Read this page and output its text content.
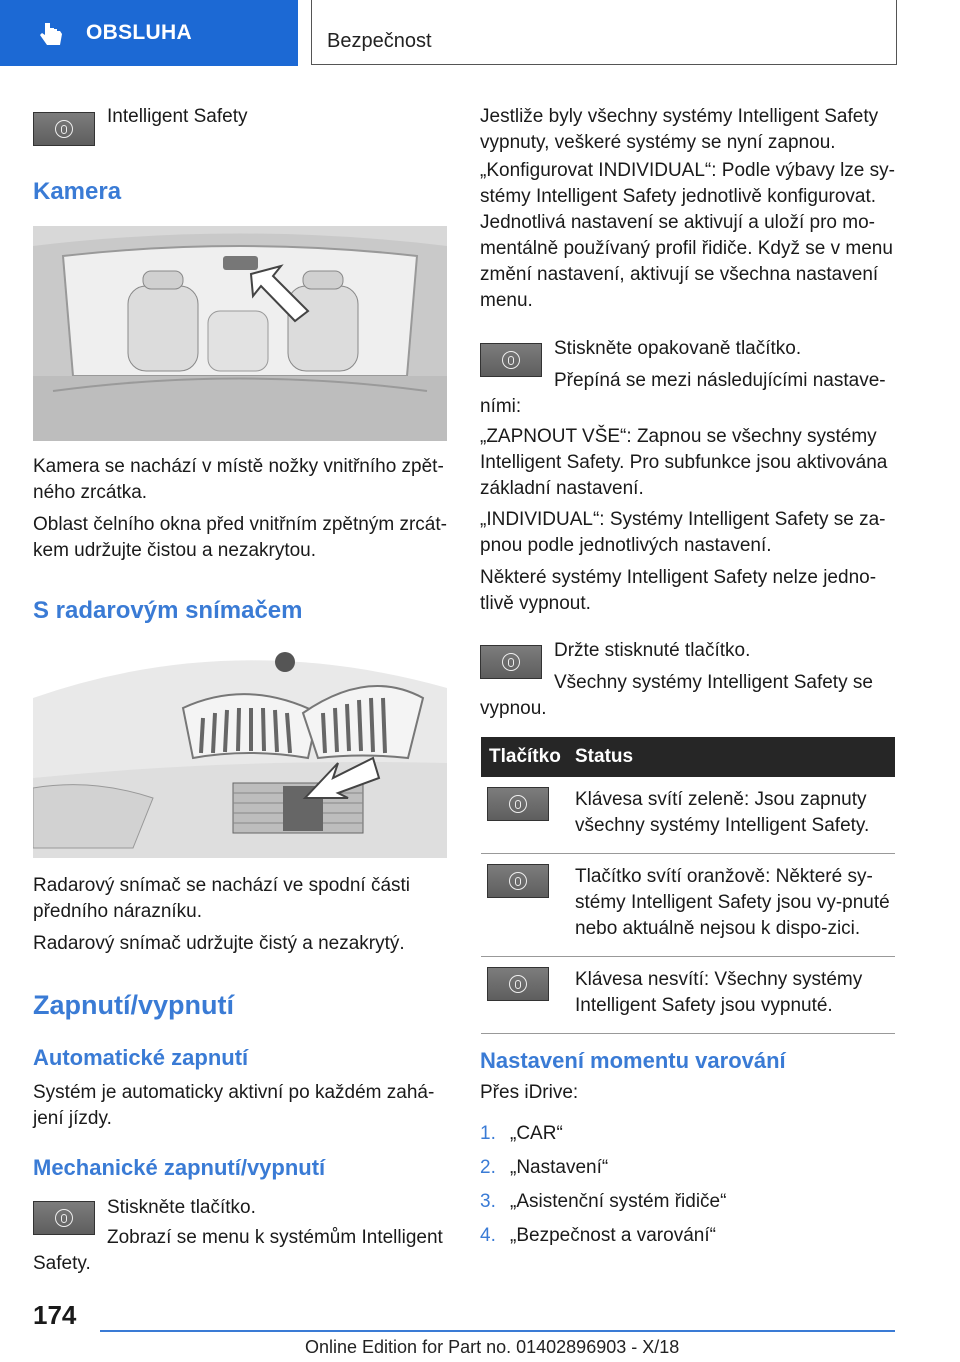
OBSLUHA	Bezpečnost
Intelligent Safety
Kamera
Kamera se nachází v místě nožky vnitřního zpět-ného zrcátka.
Oblast čelního okna před vnitřním zpětným zrcát-kem udržujte čistou a nezakrytou.
S radarovým snímačem
Radarový snímač se nachází ve spodní části předního nárazníku.
Radarový snímač udržujte čistý a nezakrytý.
Zapnutí/vypnutí
Automatické zapnutí
Systém je automaticky aktivní po každém zahá-jení jízdy.
Mechanické zapnutí/vypnutí
Stiskněte tlačítko.
Zobrazí se menu k systémům Intelligent Safety.
Jestliže byly všechny systémy Intelligent Safety vypnuty, veškeré systémy se nyní zapnou.
„Konfigurovat INDIVIDUAL“: Podle výbavy lze sy-stémy Intelligent Safety jednotlivě konfigurovat. Jednotlivá nastavení se aktivují a uloží pro mo-mentálně používaný profil řidiče. Když se v menu změní nastavení, aktivují se všechna nastavení menu.
Stiskněte opakovaně tlačítko.
Přepíná se mezi následujícími nastave-ními:
„ZAPNOUT VŠE“: Zapnou se všechny systémy Intelligent Safety. Pro subfunkce jsou aktivována základní nastavení.
„INDIVIDUAL“: Systémy Intelligent Safety se za-pnou podle jednotlivých nastavení.
Některé systémy Intelligent Safety nelze jedno-tlivě vypnout.
Držte stisknuté tlačítko.
Všechny systémy Intelligent Safety se vypnou.
Tlačítko	Status

	Klávesa svítí zeleně: Jsou zapnuty všechny systémy Intelligent Safety.

	Tlačítko svítí oranžově: Některé sy-stémy Intelligent Safety jsou vy-pnuté nebo aktuálně nejsou k dispo-zici.

	Klávesa nesvítí: Všechny systémy Intelligent Safety jsou vypnuté.
Nastavení momentu varování
Přes iDrive:
1. „CAR“
2. „Nastavení“
3. „Asistenční systém řidiče“
4. „Bezpečnost a varování“
174
Online Edition for Part no. 01402896903 - X/18
